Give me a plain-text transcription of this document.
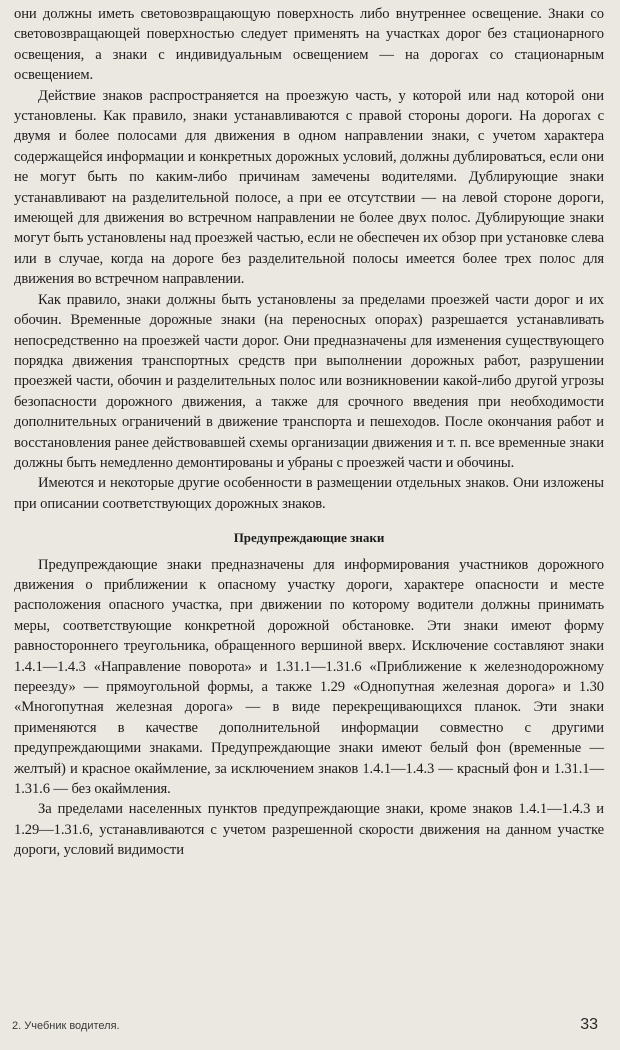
они должны иметь световозвращающую поверхность либо внутреннее освещение. Знаки со световозвращающей поверхностью следует применять на участках дорог без стационарного освещения, а знаки с индивидуальным освещением — на дорогах со стационарным освещением.

Действие знаков распространяется на проезжую часть, у которой или над которой они установлены. Как правило, знаки устанавливаются с правой стороны дороги. На дорогах с двумя и более полосами для движения в одном направлении знаки, с учетом характера содержащейся информации и конкретных дорожных условий, должны дублироваться, если они не могут быть по каким-либо причинам замечены водителями. Дублирующие знаки устанавливают на разделительной полосе, а при ее отсутствии — на левой стороне дороги, имеющей для движения во встречном направлении не более двух полос. Дублирующие знаки могут быть установлены над проезжей частью, если не обеспечен их обзор при установке слева или в случае, когда на дороге без разделительной полосы имеется более трех полос для движения во встречном направлении.

Как правило, знаки должны быть установлены за пределами проезжей части дорог и их обочин. Временные дорожные знаки (на переносных опорах) разрешается устанавливать непосредственно на проезжей части дорог. Они предназначены для изменения существующего порядка движения транспортных средств при выполнении дорожных работ, разрушении проезжей части, обочин и разделительных полос или возникновении какой-либо другой угрозы безопасности дорожного движения, а также для срочного введения при необходимости дополнительных ограничений в движение транспорта и пешеходов. После окончания работ и восстановления ранее действовавшей схемы организации движения и т. п. все временные знаки должны быть немедленно демонтированы и убраны с проезжей части и обочины.

Имеются и некоторые другие особенности в размещении отдельных знаков. Они изложены при описании соответствующих дорожных знаков.

Предупреждающие знаки

Предупреждающие знаки предназначены для информирования участников дорожного движения о приближении к опасному участку дороги, характере опасности и месте расположения опасного участка, при движении по которому водители должны принимать меры, соответствующие конкретной дорожной обстановке. Эти знаки имеют форму равностороннего треугольника, обращенного вершиной вверх. Исключение составляют знаки 1.4.1—1.4.3 «Направление поворота» и 1.31.1—1.31.6 «Приближение к железнодорожному переезду» — прямоугольной формы, а также 1.29 «Однопутная железная дорога» и 1.30 «Многопутная железная дорога» — в виде перекрещивающихся планок. Эти знаки применяются в качестве дополнительной информации совместно с другими предупреждающими знаками. Предупреждающие знаки имеют белый фон (временные — желтый) и красное окаймление, за исключением знаков 1.4.1—1.4.3 — красный фон и 1.31.1—1.31.6 — без окаймления.

За пределами населенных пунктов предупреждающие знаки, кроме знаков 1.4.1—1.4.3 и 1.29—1.31.6, устанавливаются с учетом разрешенной скорости движения на данном участке дороги, условий видимости

2. Учебник водителя.	33
